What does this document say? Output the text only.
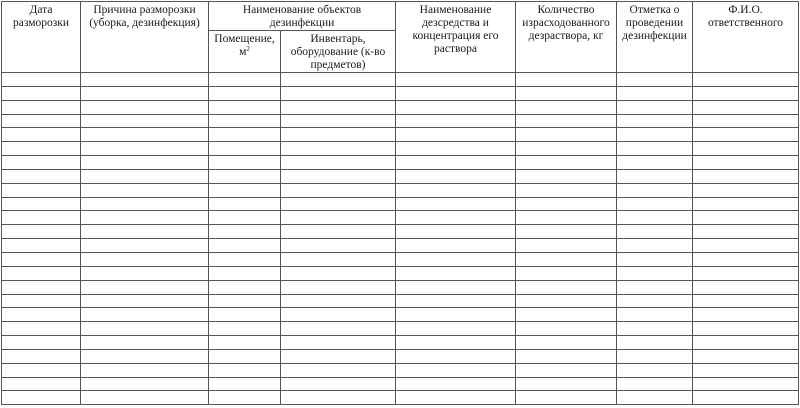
Дата разморозки	Причина разморозки (уборка, дезинфекция)	Наименование объектов дезинфекции		Наименование дезсредства и концентрация его раствора	Количество израсходованного дезраствора, кг	Отметка о проведении дезинфекции	Ф.И.О. ответственного
		Помещение, $м^2$	Инвентарь, оборудование (к-во предметов)				
